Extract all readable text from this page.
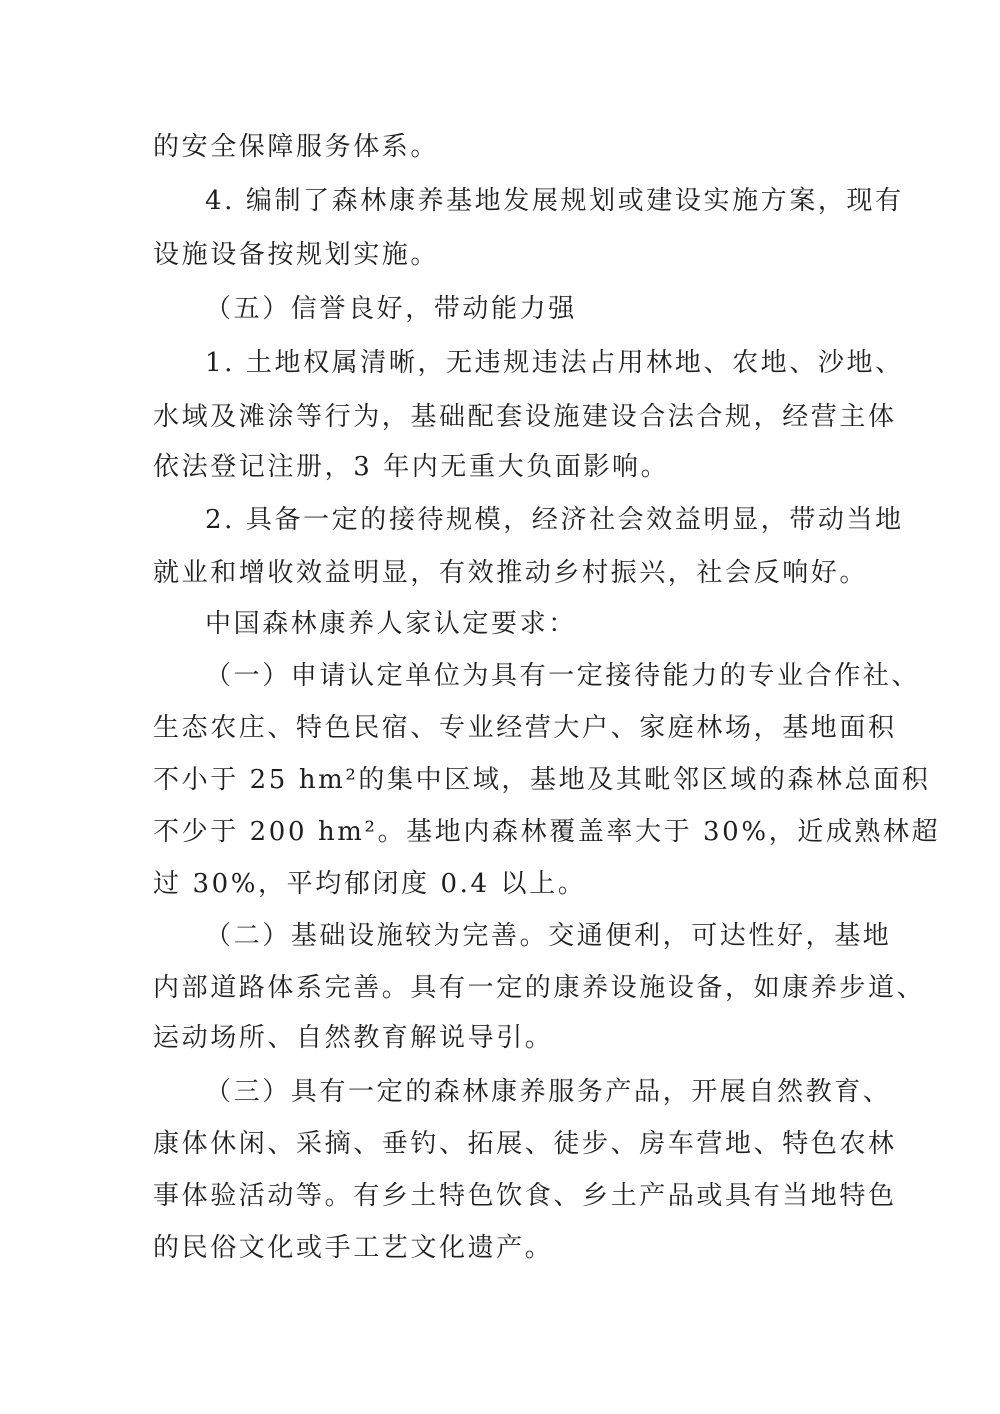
的安全保障服务体系。
4. 编制了森林康养基地发展规划或建设实施方案，现有
设施设备按规划实施。
（五）信誉良好，带动能力强
1. 土地权属清晰，无违规违法占用林地、农地、沙地、
水域及滩涂等行为，基础配套设施建设合法合规，经营主体
依法登记注册，3 年内无重大负面影响。
2. 具备一定的接待规模，经济社会效益明显，带动当地
就业和增收效益明显，有效推动乡村振兴，社会反响好。
中国森林康养人家认定要求：
（一）申请认定单位为具有一定接待能力的专业合作社、
生态农庄、特色民宿、专业经营大户、家庭林场，基地面积
不小于 25 hm²的集中区域，基地及其毗邻区域的森林总面积
不少于 200 hm²。基地内森林覆盖率大于 30%，近成熟林超
过 30%，平均郁闭度 0.4 以上。
（二）基础设施较为完善。交通便利，可达性好，基地
内部道路体系完善。具有一定的康养设施设备，如康养步道、
运动场所、自然教育解说导引。
（三）具有一定的森林康养服务产品，开展自然教育、
康体休闲、采摘、垂钓、拓展、徒步、房车营地、特色农林
事体验活动等。有乡土特色饮食、乡土产品或具有当地特色
的民俗文化或手工艺文化遗产。
